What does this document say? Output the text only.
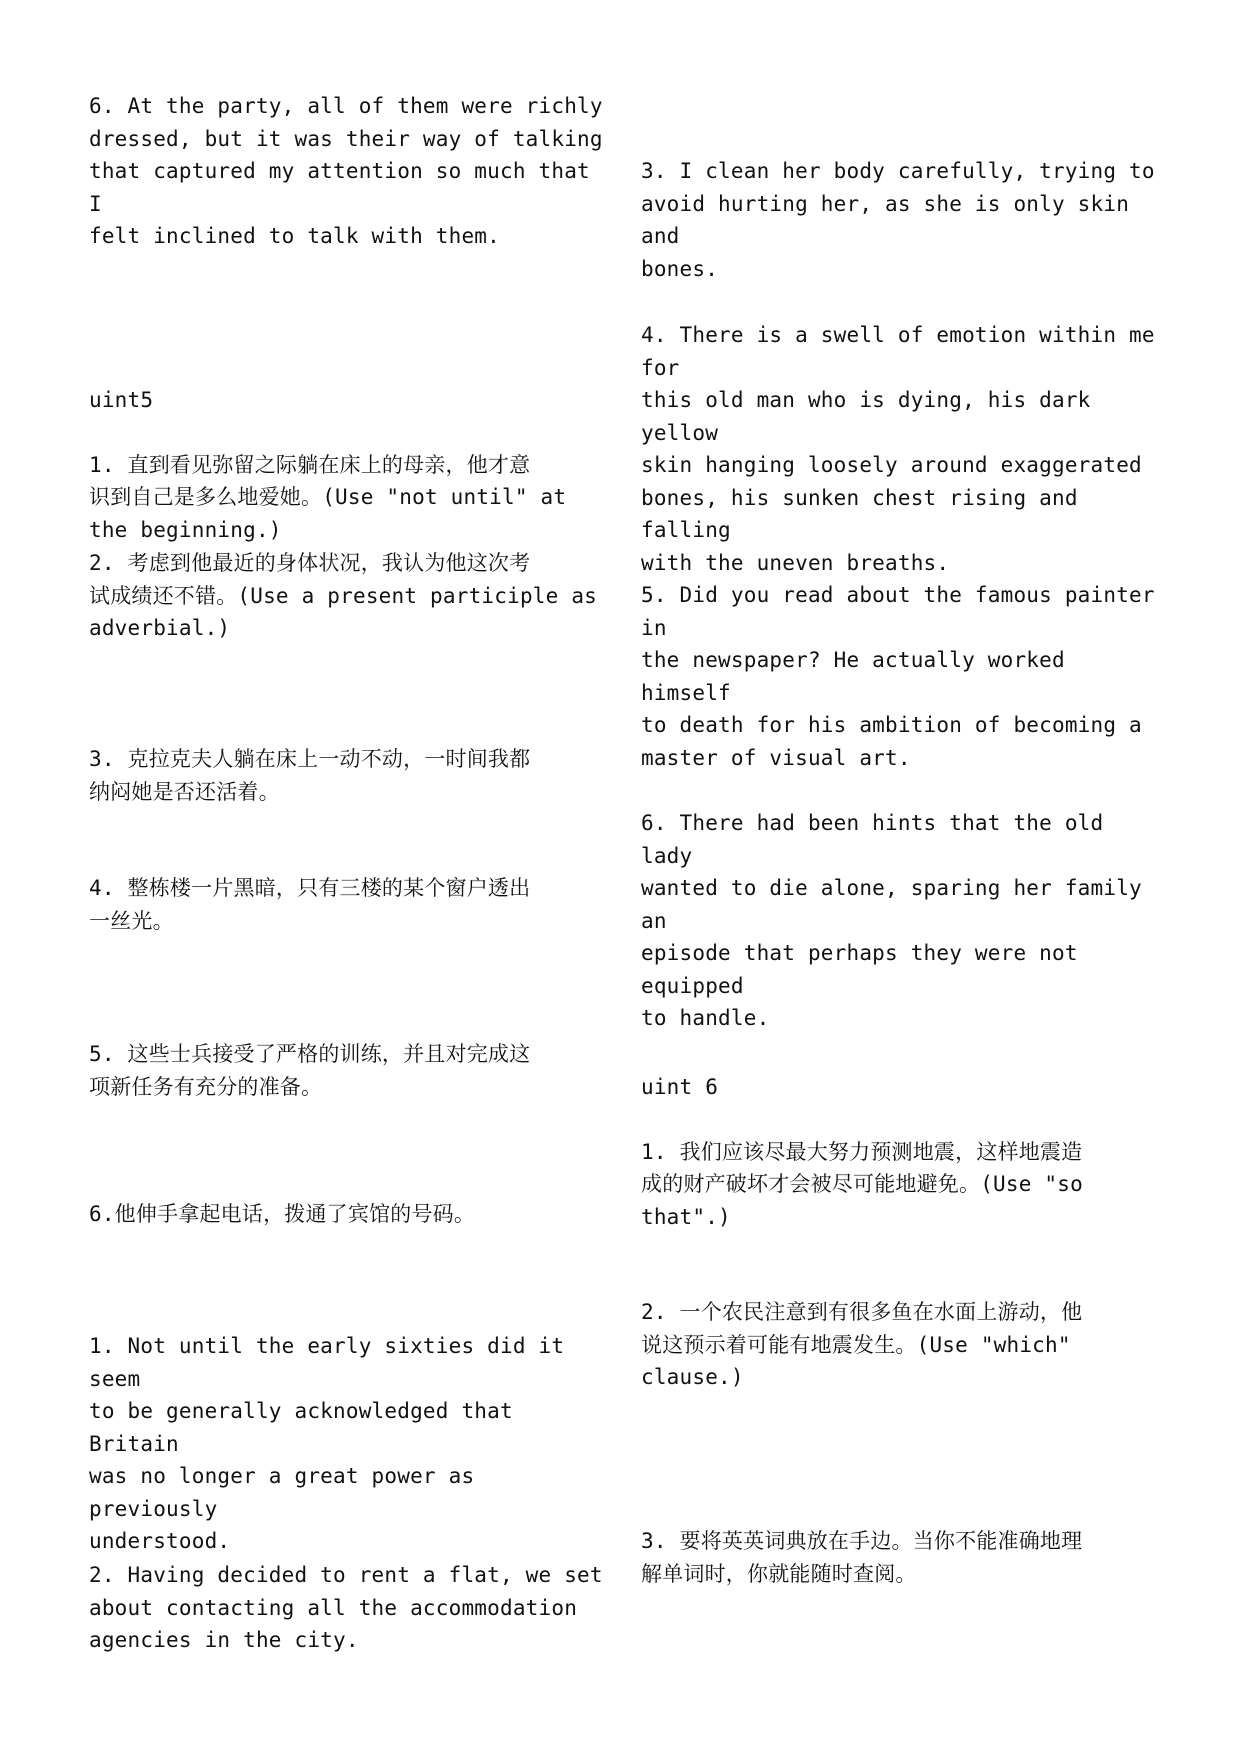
6. At the party, all of them were richly
dressed, but it was their way of talking
that captured my attention so much that I
felt inclined to talk with them.

uint5

1. 直到看见弥留之际躺在床上的母亲，他才意
识到自己是多么地爱她。(Use "not until" at
the beginning.)

2. 考虑到他最近的身体状况，我认为他这次考
试成绩还不错。(Use a present participle as
adverbial.)

3. 克拉克夫人躺在床上一动不动，一时间我都
纳闷她是否还活着。

4. 整栋楼一片黑暗，只有三楼的某个窗户透出
一丝光。

5. 这些士兵接受了严格的训练，并且对完成这
项新任务有充分的准备。

6.他伸手拿起电话，拨通了宾馆的号码。

1. Not until the early sixties did it seem
to be generally acknowledged that Britain
was no longer a great power as previously
understood.

2. Having decided to rent a flat, we set
about contacting all the accommodation
agencies in the city.

3. I clean her body carefully, trying to
avoid hurting her, as she is only skin and
bones.

4. There is a swell of emotion within me for
this old man who is dying, his dark yellow
skin hanging loosely around exaggerated
bones, his sunken chest rising and falling
with the uneven breaths.

5. Did you read about the famous painter in
the newspaper? He actually worked himself
to death for his ambition of becoming a
master of visual art.

6. There had been hints that the old lady
wanted to die alone, sparing her family an
episode that perhaps they were not equipped
to handle.

uint 6

1. 我们应该尽最大努力预测地震，这样地震造
成的财产破坏才会被尽可能地避免。(Use "so
that".)

2. 一个农民注意到有很多鱼在水面上游动，他
说这预示着可能有地震发生。(Use "which"
clause.)

3. 要将英英词典放在手边。当你不能准确地理
解单词时，你就能随时查阅。
